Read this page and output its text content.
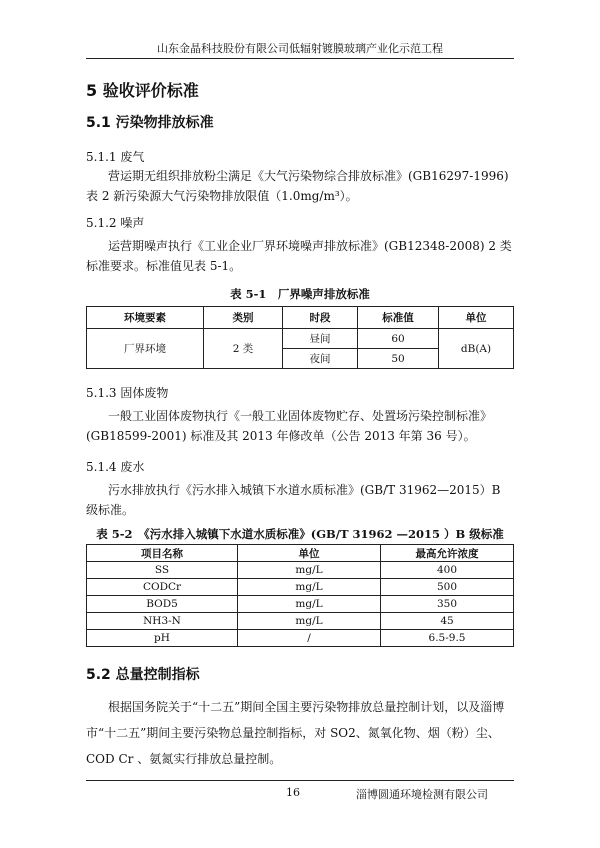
山东金晶科技股份有限公司低辐射镀膜玻璃产业化示范工程
5 验收评价标准
5.1 污染物排放标准
5.1.1 废气
营运期无组织排放粉尘满足《大气污染物综合排放标准》(GB16297-1996) 表 2 新污染源大气污染物排放限值（1.0mg/m³）。
5.1.2 噪声
运营期噪声执行《工业企业厂界环境噪声排放标准》(GB12348-2008) 2 类标准要求。标准值见表 5-1。
表 5-1　厂界噪声排放标准
环境要素	类别	时段	标准值	单位
厂界环境	2 类	昼间	60	dB(A)
		夜间	50	
5.1.3 固体废物
一般工业固体废物执行《一般工业固体废物贮存、处置场污染控制标准》(GB18599-2001) 标准及其 2013 年修改单（公告 2013 年第 36 号）。
5.1.4 废水
污水排放执行《污水排入城镇下水道水质标准》(GB/T 31962—2015）B 级标准。
表 5-2　《污水排入城镇下水道水质标准》(GB/T 31962 —2015 ）B 级标准
项目名称	单位	最高允许浓度
SS	mg/L	400
CODCr	mg/L	500
BOD5	mg/L	350
NH3-N	mg/L	45
pH	/	6.5-9.5
5.2 总量控制指标
根据国务院关于“十二五”期间全国主要污染物排放总量控制计划，以及淄博市“十二五”期间主要污染物总量控制指标，对 SO2、氮氧化物、烟（粉）尘、COD Cr 、氨氮实行排放总量控制。
16	淄博圆通环境检测有限公司
